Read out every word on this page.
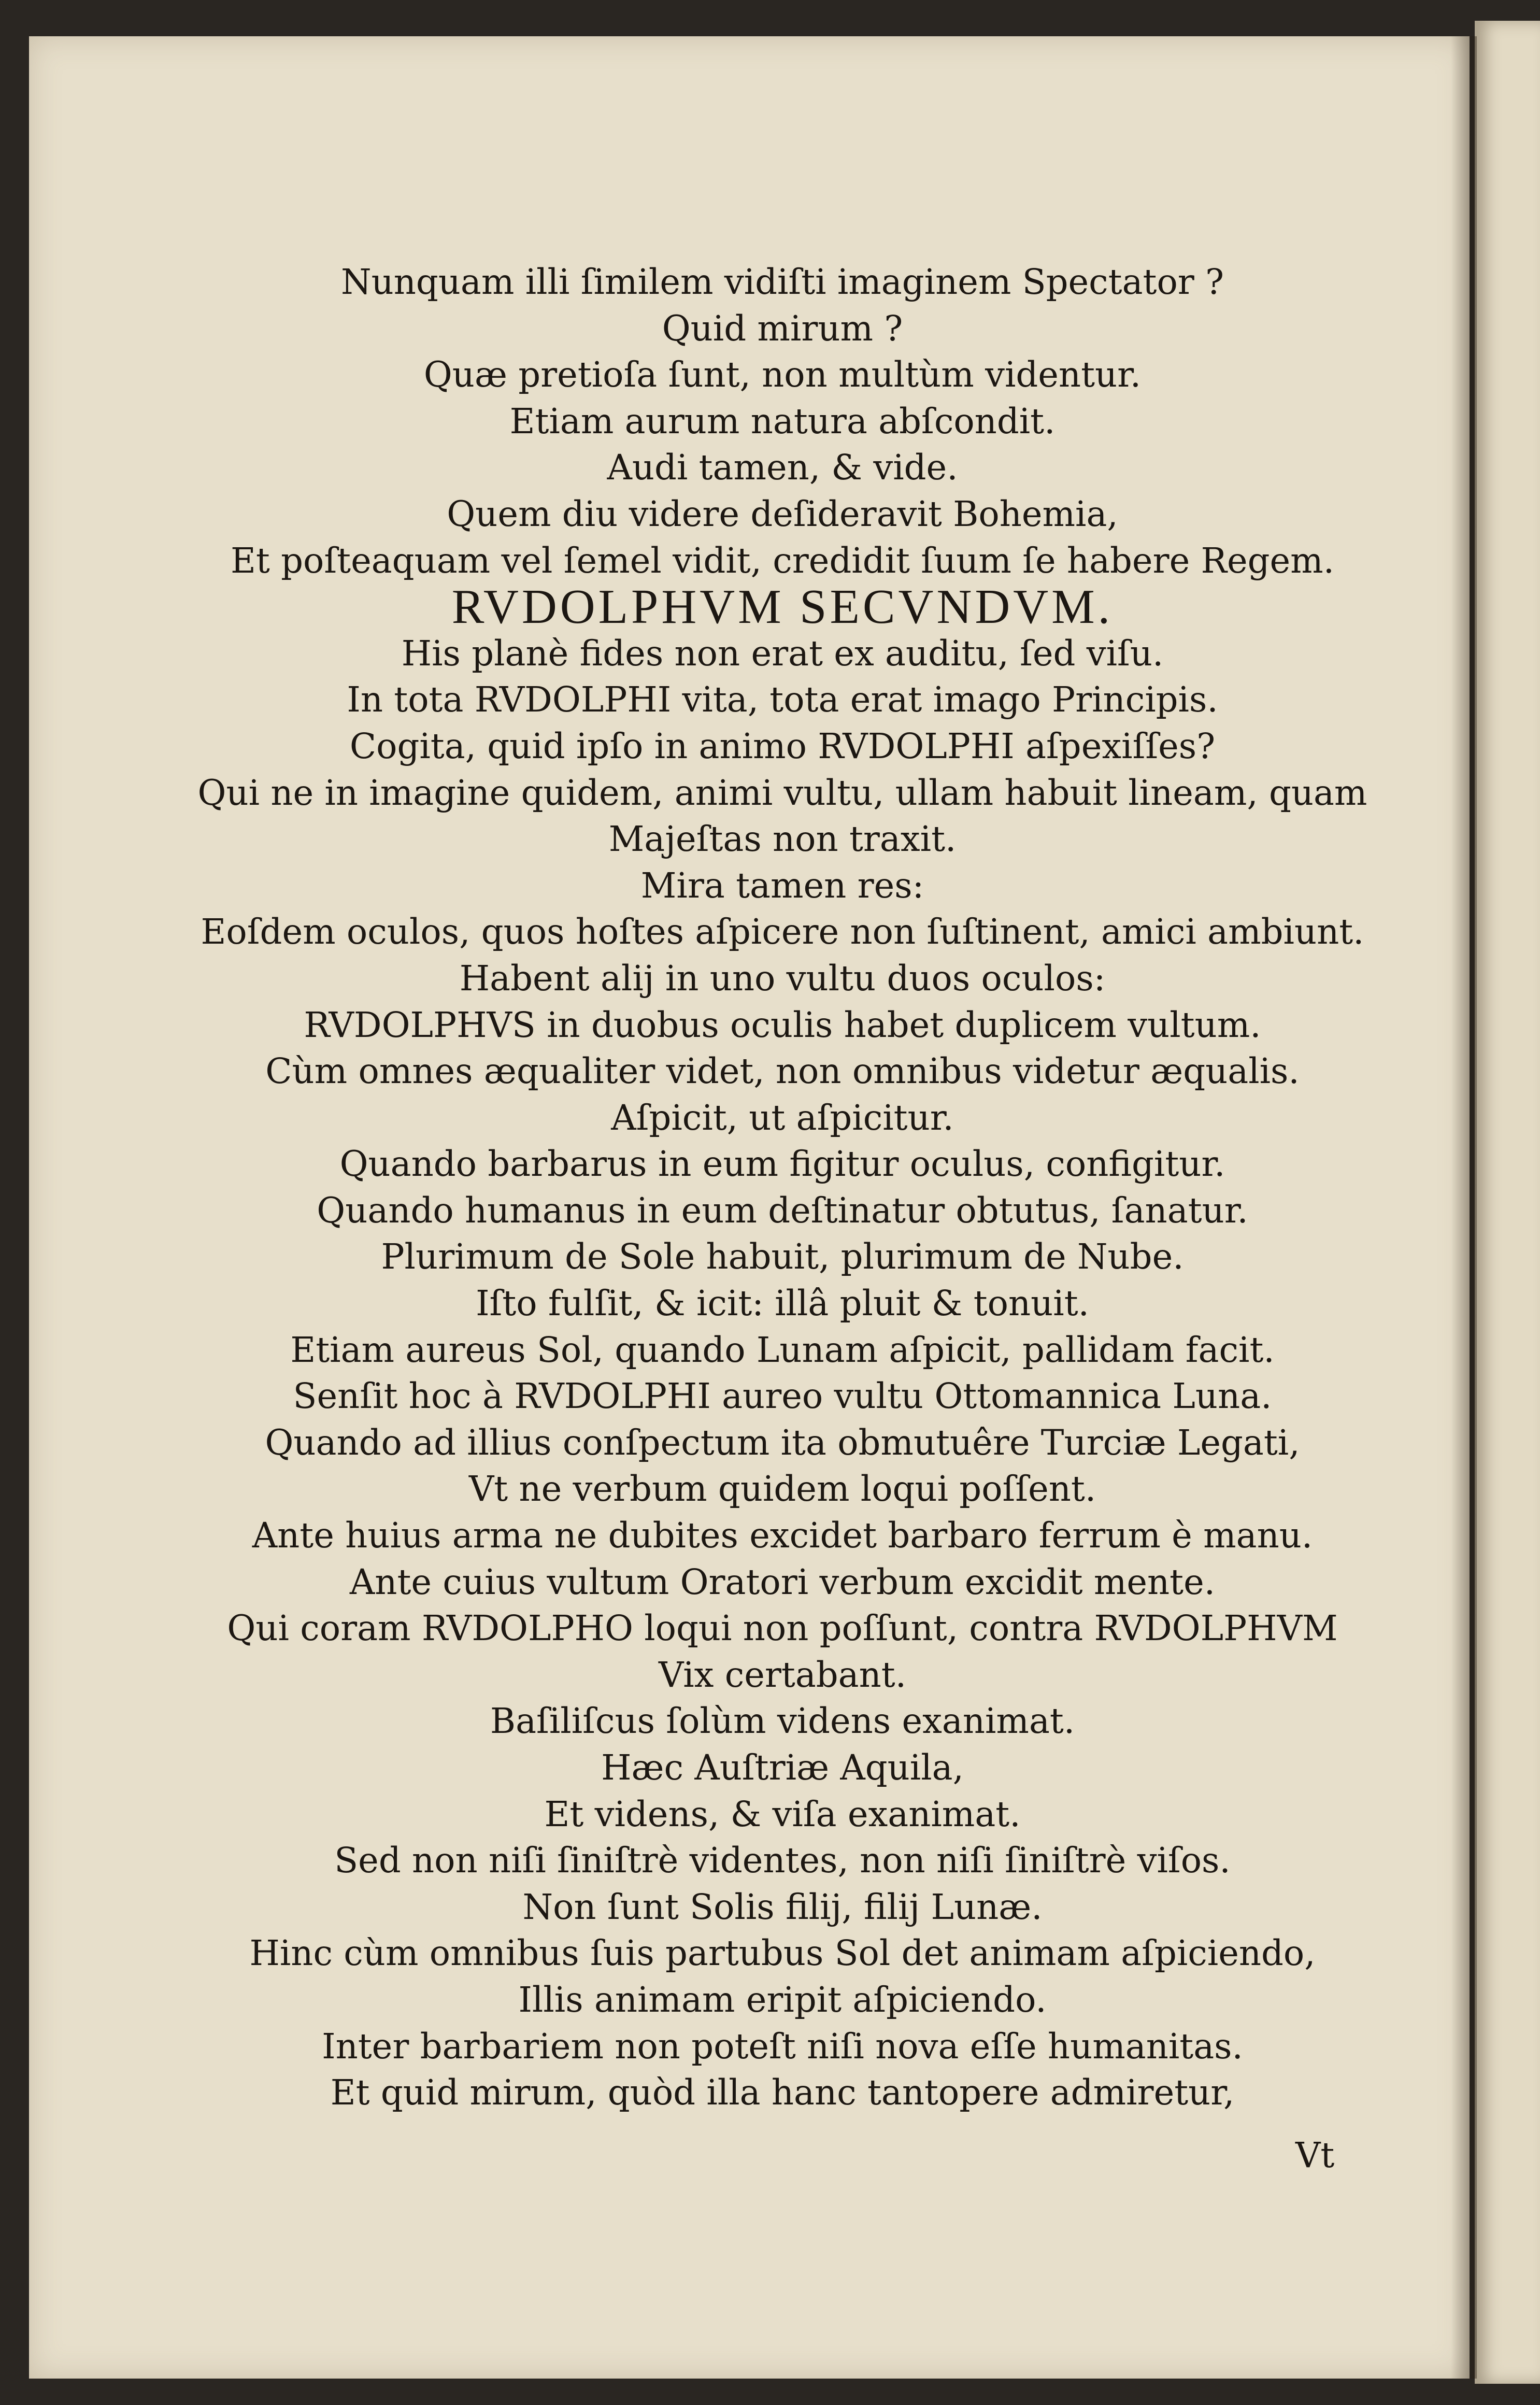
Nunquam illi ſimilem vidiſti imaginem Spectator ?
Quid mirum ?
Quæ pretioſa ſunt, non multùm videntur.
Etiam aurum natura abſcondit.
Audi tamen, & vide.
Quem diu videre deſideravit Bohemia,
Et poſteaquam vel ſemel vidit, credidit ſuum ſe habere Regem.
RVDOLPHVM SECVNDVM.
His planè fides non erat ex auditu, ſed viſu.
In tota RVDOLPHI vita, tota erat imago Principis.
Cogita, quid ipſo in animo RVDOLPHI aſpexiſſes?
Qui ne in imagine quidem, animi vultu, ullam habuit lineam, quam
Majeſtas non traxit.
Mira tamen res:
Eoſdem oculos, quos hoſtes aſpicere non ſuſtinent, amici ambiunt.
Habent alij in uno vultu duos oculos:
RVDOLPHVS in duobus oculis habet duplicem vultum.
Cùm omnes æqualiter videt, non omnibus videtur æqualis.
Aſpicit, ut aſpicitur.
Quando barbarus in eum figitur oculus, configitur.
Quando humanus in eum deſtinatur obtutus, ſanatur.
Plurimum de Sole habuit, plurimum de Nube.
Iſto fulſit, & icit: illâ pluit & tonuit.
Etiam aureus Sol, quando Lunam aſpicit, pallidam facit.
Senſit hoc à RVDOLPHI aureo vultu Ottomannica Luna.
Quando ad illius conſpectum ita obmutuêre Turciæ Legati,
Vt ne verbum quidem loqui poſſent.
Ante huius arma ne dubites excidet barbaro ferrum è manu.
Ante cuius vultum Oratori verbum excidit mente.
Qui coram RVDOLPHO loqui non poſſunt, contra RVDOLPHVM
Vix certabant.
Baſiliſcus ſolùm videns exanimat.
Hæc Auſtriæ Aquila,
Et videns, & viſa exanimat.
Sed non niſi ſiniſtrè videntes, non niſi ſiniſtrè viſos.
Non ſunt Solis filij, filij Lunæ.
Hinc cùm omnibus ſuis partubus Sol det animam aſpiciendo,
Illis animam eripit aſpiciendo.
Inter barbariem non poteſt niſi nova eſſe humanitas.
Et quid mirum, quòd illa hanc tantopere admiretur,
Vt
